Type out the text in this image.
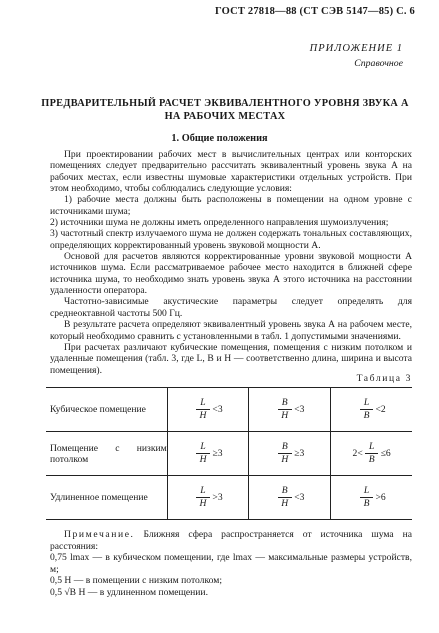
ГОСТ 27818—88 (СТ СЭВ 5147—85) С. 6
ПРИЛОЖЕНИЕ 1
Справочное
ПРЕДВАРИТЕЛЬНЫЙ РАСЧЕТ ЭКВИВАЛЕНТНОГО УРОВНЯ ЗВУКА А
НА РАБОЧИХ МЕСТАХ
1. Общие положения

При проектировании рабочих мест в вычислительных центрах или конторских помещениях следует предварительно рассчитать эквивалентный уровень звука А на рабочих местах, если известны шумовые характеристики отдельных устройств. При этом необходимо, чтобы соблюдались следующие условия:

1) рабочие места должны быть расположены в помещении на одном уровне с источниками шума;

2) источники шума не должны иметь определенного направления шумоизлучения;

3) частотный спектр излучаемого шума не должен содержать тональных составляющих, определяющих корректированный уровень звуковой мощности А.

Основой для расчетов являются корректированные уровни звуковой мощности А источников шума. Если рассматриваемое рабочее место находится в ближней сфере источника шума, то необходимо знать уровень звука А этого источника на расстоянии удаленности оператора.

Частотно-зависимые акустические параметры следует определять для среднеоктавной частоты 500 Гц.

В результате расчета определяют эквивалентный уровень звука А на рабочем месте, который необходимо сравнить с установленными в табл. 1 допустимыми значениями.

При расчетах различают кубические помещения, помещения с низким потолком и удаленные помещения (табл. 3, где L, B и H — соответственно длина, ширина и высота помещения).

Таблица 3
Кубическое помещение	$\frac{L}{H} <3$	$\frac{B}{H} <3$	$\frac{L}{B} <2$
Помещение с низким потолком	$\frac{L}{H} \ge 3$	$\frac{B}{H} \ge 3$	$2< \frac{L}{B} \le 6$
Удлиненное помещение	$\frac{L}{H} >3$	$\frac{B}{H} <3$	$\frac{L}{B} >6$

Примечание. Ближняя сфера распространяется от источника шума на расстояния:

0,75 lmax — в кубическом помещении, где lmax — максимальные размеры устройств, м;

0,5 H — в помещении с низким потолком;

0,5 √B H — в удлиненном помещении.
